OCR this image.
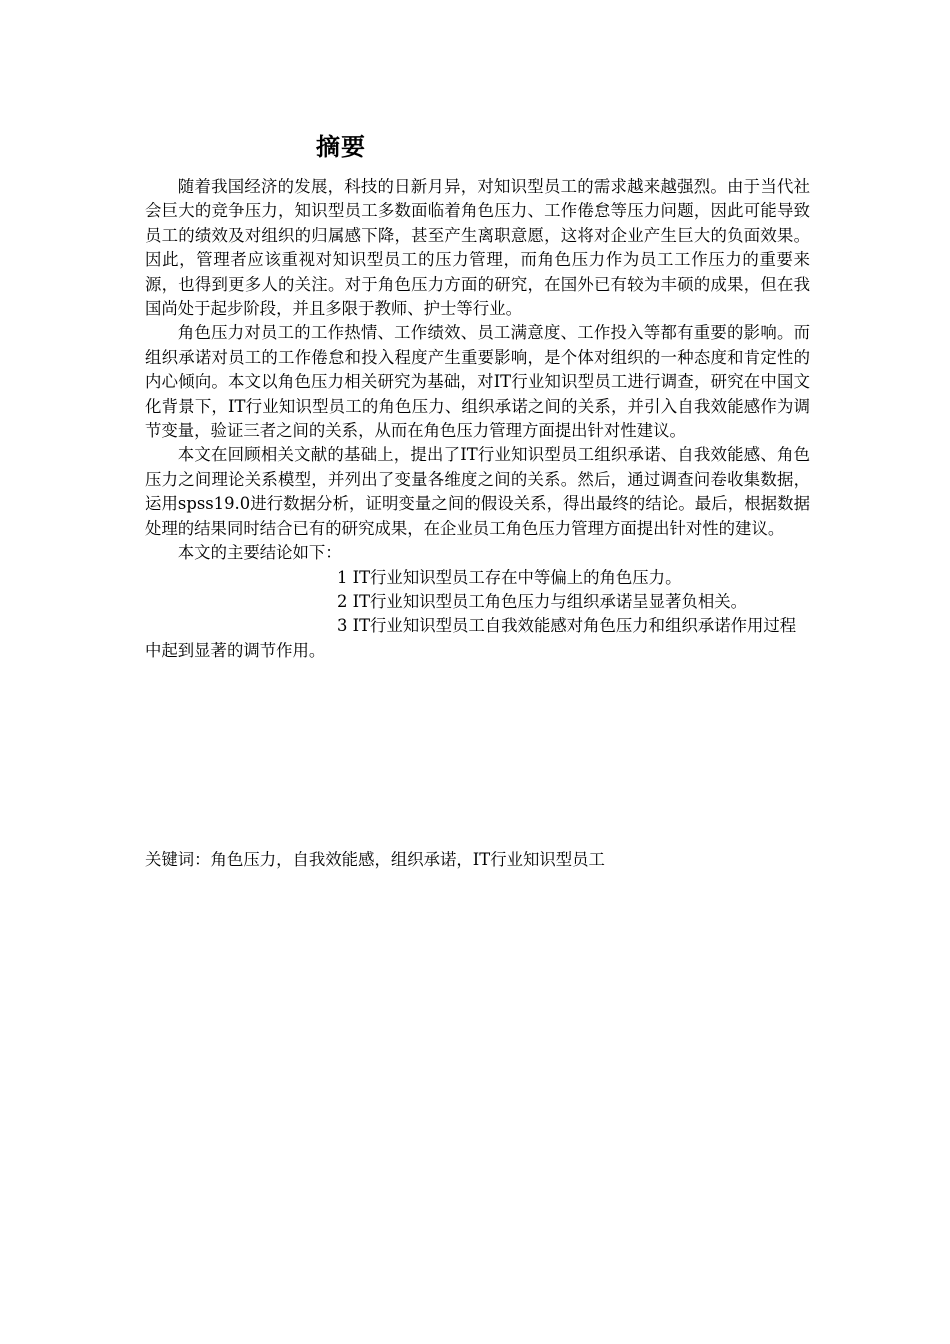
摘要

随着我国经济的发展，科技的日新月异，对知识型员工的需求越来越强烈。由于当代社会巨大的竞争压力，知识型员工多数面临着角色压力、工作倦怠等压力问题，因此可能导致员工的绩效及对组织的归属感下降，甚至产生离职意愿，这将对企业产生巨大的负面效果。因此，管理者应该重视对知识型员工的压力管理，而角色压力作为员工工作压力的重要来源，也得到更多人的关注。对于角色压力方面的研究，在国外已有较为丰硕的成果，但在我国尚处于起步阶段，并且多限于教师、护士等行业。

角色压力对员工的工作热情、工作绩效、员工满意度、工作投入等都有重要的影响。而组织承诺对员工的工作倦怠和投入程度产生重要影响，是个体对组织的一种态度和肯定性的内心倾向。本文以角色压力相关研究为基础，对IT行业知识型员工进行调查，研究在中国文化背景下，IT行业知识型员工的角色压力、组织承诺之间的关系，并引入自我效能感作为调节变量，验证三者之间的关系，从而在角色压力管理方面提出针对性建议。

本文在回顾相关文献的基础上，提出了IT行业知识型员工组织承诺、自我效能感、角色压力之间理论关系模型，并列出了变量各维度之间的关系。然后，通过调查问卷收集数据，运用spss19.0进行数据分析，证明变量之间的假设关系，得出最终的结论。最后，根据数据处理的结果同时结合已有的研究成果，在企业员工角色压力管理方面提出针对性的建议。

本文的主要结论如下：

1 IT行业知识型员工存在中等偏上的角色压力。

2 IT行业知识型员工角色压力与组织承诺呈显著负相关。

3 IT行业知识型员工自我效能感对角色压力和组织承诺作用过程中起到显著的调节作用。

关键词：角色压力，自我效能感，组织承诺，IT行业知识型员工
